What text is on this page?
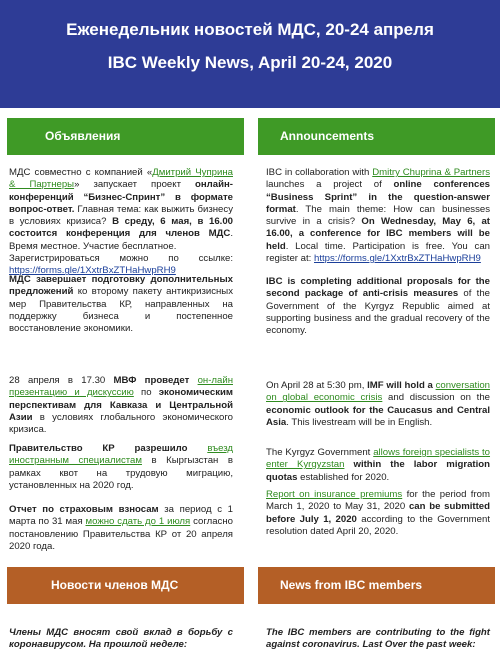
Еженедельник новостей МДС, 20-24 апреля
IBC Weekly News, April 20-24, 2020
Объявления
МДС совместно с компанией «Дмитрий Чуприна & Партнеры» запускает проект онлайн-конференций “Бизнес-Спринт” в формате вопрос-ответ. Главная тема: как выжить бизнесу в условиях кризиса? В среду, 6 мая, в 16.00 состоится конференция для членов МДС. Время местное. Участие бесплатное.
Зарегистрироваться можно по ссылке: https://forms.gle/1XxtrBxZTHaHwpRH9
МДС завершает подготовку дополнительных предложений ко второму пакету антикризисных мер Правительства КР, направленных на поддержку бизнеса и постепенное восстановление экономики.
28 апреля в 17.30 МВФ проведет он-лайн презентацию и дискуссию по экономическим перспективам для Кавказа и Центральной Азии в условиях глобального экономического кризиса.
Правительство КР разрешило въезд иностранным специалистам в Кыргызстан в рамках квот на трудовую миграцию, установленных на 2020 год.
Отчет по страховым взносам за период с 1 марта по 31 мая можно сдать до 1 июля согласно постановлению Правительства КР от 20 апреля 2020 года.
Новости членов МДС
Члены МДС вносят свой вклад в борьбу с коронавирусом. На прошлой неделе:
Announcements
IBC in collaboration with Dmitry Chuprina & Partners launches a project of online conferences “Business Sprint” in the question-answer format. The main theme: How can businesses survive in a crisis? On Wednesday, May 6, at 16.00, a conference for IBC members will be held. Local time. Participation is free. You can register at: https://forms.gle/1XxtrBxZTHaHwpRH9
IBC is completing additional proposals for the second package of anti-crisis measures of the Government of the Kyrgyz Republic aimed at supporting business and the gradual recovery of the economy.
On April 28 at 5:30 pm, IMF will hold a conversation on global economic crisis and discussion on the economic outlook for the Caucasus and Central Asia. This livestream will be in English.
The Kyrgyz Government allows foreign specialists to enter Kyrgyzstan within the labor migration quotas established for 2020.
Report on insurance premiums for the period from March 1, 2020 to May 31, 2020 can be submitted before July 1, 2020 according to the Government resolution dated April 20, 2020.
News from IBC members
The IBC members are contributing to the fight against coronavirus. Last Over the past week:
